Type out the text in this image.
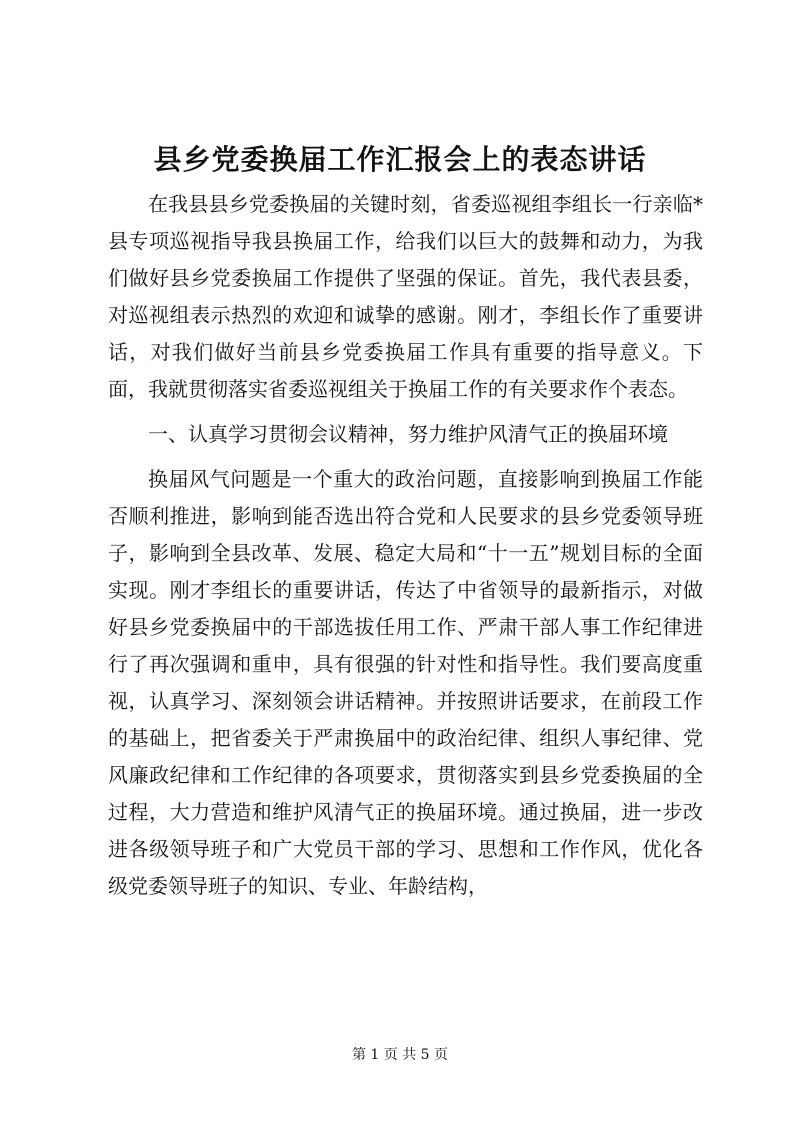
县乡党委换届工作汇报会上的表态讲话

在我县县乡党委换届的关键时刻，省委巡视组李组长一行亲临*县专项巡视指导我县换届工作，给我们以巨大的鼓舞和动力，为我们做好县乡党委换届工作提供了坚强的保证。首先，我代表县委，对巡视组表示热烈的欢迎和诚挚的感谢。刚才，李组长作了重要讲话，对我们做好当前县乡党委换届工作具有重要的指导意义。下面，我就贯彻落实省委巡视组关于换届工作的有关要求作个表态。

一、认真学习贯彻会议精神，努力维护风清气正的换届环境

换届风气问题是一个重大的政治问题，直接影响到换届工作能否顺利推进，影响到能否选出符合党和人民要求的县乡党委领导班子，影响到全县改革、发展、稳定大局和“十一五”规划目标的全面实现。刚才李组长的重要讲话，传达了中省领导的最新指示，对做好县乡党委换届中的干部选拔任用工作、严肃干部人事工作纪律进行了再次强调和重申，具有很强的针对性和指导性。我们要高度重视，认真学习、深刻领会讲话精神。并按照讲话要求，在前段工作的基础上，把省委关于严肃换届中的政治纪律、组织人事纪律、党风廉政纪律和工作纪律的各项要求，贯彻落实到县乡党委换届的全过程，大力营造和维护风清气正的换届环境。通过换届，进一步改进各级领导班子和广大党员干部的学习、思想和工作作风，优化各级党委领导班子的知识、专业、年龄结构，

第 1 页 共 5 页
